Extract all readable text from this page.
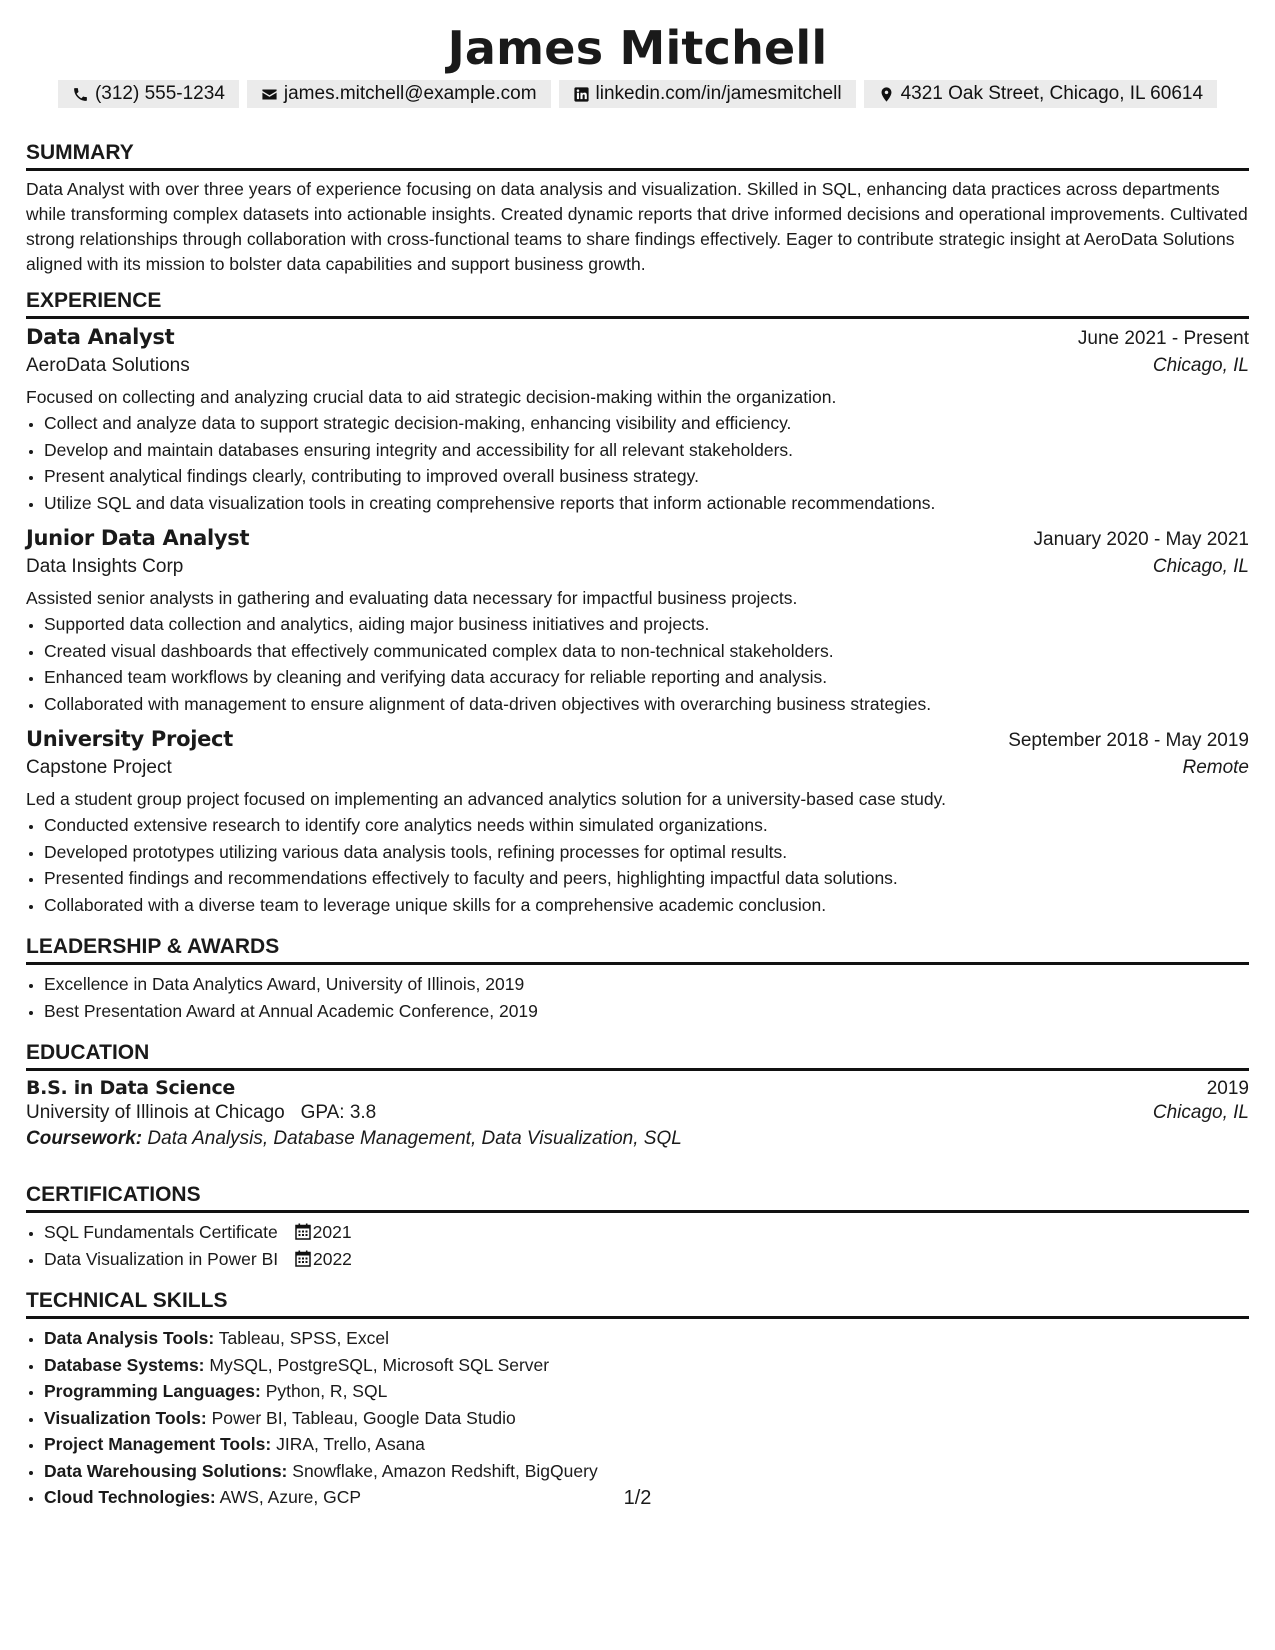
James Mitchell
(312) 555-1234	james.mitchell@example.com	linkedin.com/in/jamesmitchell	4321 Oak Street, Chicago, IL 60614
SUMMARY

Data Analyst with over three years of experience focusing on data analysis and visualization. Skilled in SQL, enhancing data practices across departments while transforming complex datasets into actionable insights. Created dynamic reports that drive informed decisions and operational improvements. Cultivated strong relationships through collaboration with cross-functional teams to share findings effectively. Eager to contribute strategic insight at AeroData Solutions aligned with its mission to bolster data capabilities and support business growth.

EXPERIENCE
Data Analyst	June 2021 - Present
AeroData Solutions	Chicago, IL

Focused on collecting and analyzing crucial data to aid strategic decision-making within the organization.

• Collect and analyze data to support strategic decision-making, enhancing visibility and efficiency.
• Develop and maintain databases ensuring integrity and accessibility for all relevant stakeholders.
• Present analytical findings clearly, contributing to improved overall business strategy.
• Utilize SQL and data visualization tools in creating comprehensive reports that inform actionable recommendations.
Junior Data Analyst	January 2020 - May 2021
Data Insights Corp	Chicago, IL

Assisted senior analysts in gathering and evaluating data necessary for impactful business projects.

• Supported data collection and analytics, aiding major business initiatives and projects.
• Created visual dashboards that effectively communicated complex data to non-technical stakeholders.
• Enhanced team workflows by cleaning and verifying data accuracy for reliable reporting and analysis.
• Collaborated with management to ensure alignment of data-driven objectives with overarching business strategies.
University Project	September 2018 - May 2019
Capstone Project	Remote

Led a student group project focused on implementing an advanced analytics solution for a university-based case study.

• Conducted extensive research to identify core analytics needs within simulated organizations.
• Developed prototypes utilizing various data analysis tools, refining processes for optimal results.
• Presented findings and recommendations effectively to faculty and peers, highlighting impactful data solutions.
• Collaborated with a diverse team to leverage unique skills for a comprehensive academic conclusion.
LEADERSHIP & AWARDS
• Excellence in Data Analytics Award, University of Illinois, 2019
• Best Presentation Award at Annual Academic Conference, 2019
EDUCATION
B.S. in Data Science	2019
University of Illinois at Chicago GPA: 3.8	Chicago, IL
Coursework: Data Analysis, Database Management, Data Visualization, SQL
CERTIFICATIONS
• SQL Fundamentals Certificate 2021
• Data Visualization in Power BI 2022
TECHNICAL SKILLS
• Data Analysis Tools: Tableau, SPSS, Excel
• Database Systems: MySQL, PostgreSQL, Microsoft SQL Server
• Programming Languages: Python, R, SQL
• Visualization Tools: Power BI, Tableau, Google Data Studio
• Project Management Tools: JIRA, Trello, Asana
• Data Warehousing Solutions: Snowflake, Amazon Redshift, BigQuery
• Cloud Technologies: AWS, Azure, GCP	1/2
